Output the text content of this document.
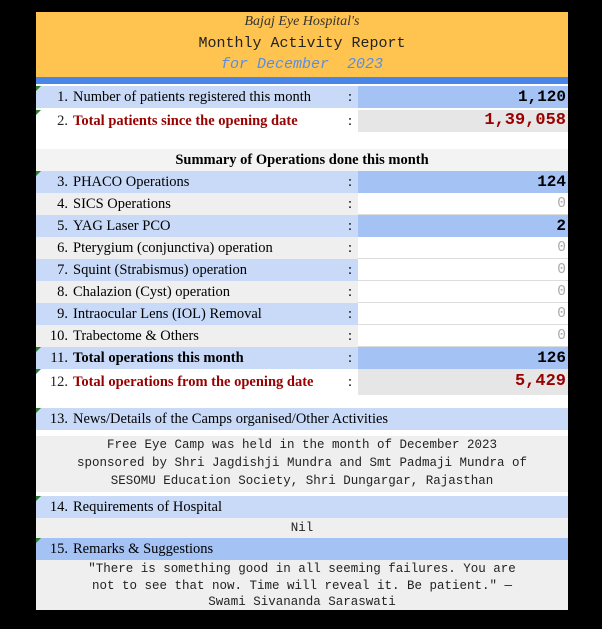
Bajaj Eye Hospital's
Monthly Activity Report
for December  2023
1. Number of patients registered this month	:	1,120
2. Total patients since the opening date	:	1,39,058
Summary of Operations done this month
3. PHACO Operations	:	124
4. SICS Operations	:	0
5. YAG Laser PCO	:	2
6. Pterygium (conjunctiva) operation	:	0
7. Squint (Strabismus) operation	:	0
8. Chalazion (Cyst) operation	:	0
9. Intraocular Lens (IOL) Removal	:	0
10. Trabectome & Others	:	0
11. Total operations this month	:	126
12. Total operations from the opening date	:	5,429
13. News/Details of the Camps organised/Other Activities
Free Eye Camp was held in the month of December 2023
sponsored by Shri Jagdishji Mundra and Smt Padmaji Mundra of
SESOMU Education Society, Shri Dungargar, Rajasthan
14. Requirements of Hospital
Nil
15. Remarks & Suggestions
"There is something good in all seeming failures. You are
not to see that now. Time will reveal it. Be patient." —
Swami Sivananda Saraswati
